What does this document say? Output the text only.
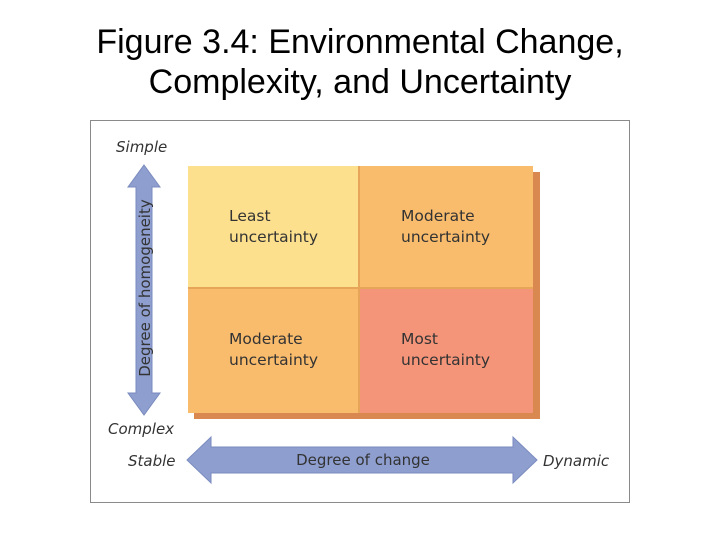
Figure 3.4: Environmental Change,
Complexity, and Uncertainty
Simple
Complex
Stable	Dynamic
Degree of homogeneity
Degree of change
Least
uncertainty
Moderate
uncertainty
Moderate
uncertainty
Most
uncertainty
